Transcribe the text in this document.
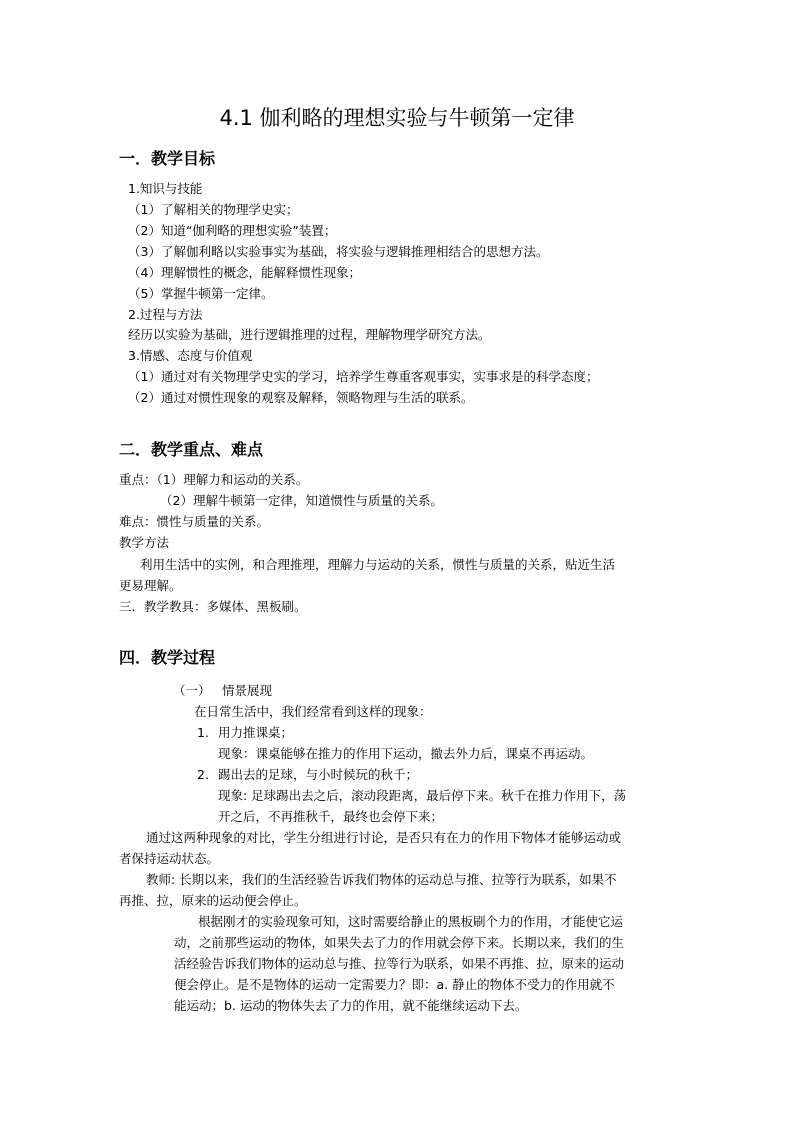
4.1 伽利略的理想实验与牛顿第一定律
一．教学目标
1.知识与技能
（1）了解相关的物理学史实；
（2）知道“伽利略的理想实验”装置；
（3）了解伽利略以实验事实为基础，将实验与逻辑推理相结合的思想方法。
（4）理解惯性的概念，能解释惯性现象；
（5）掌握牛顿第一定律。
2.过程与方法
经历以实验为基础，进行逻辑推理的过程，理解物理学研究方法。
3.情感、态度与价值观
（1）通过对有关物理学史实的学习，培养学生尊重客观事实，实事求是的科学态度；
（2）通过对惯性现象的观察及解释，领略物理与生活的联系。
二．教学重点、难点
重点：（1）理解力和运动的关系。
（2）理解牛顿第一定律，知道惯性与质量的关系。
难点：惯性与质量的关系。
教学方法
利用生活中的实例，和合理推理，理解力与运动的关系，惯性与质量的关系，贴近生活
更易理解。
三．教学教具：多媒体、黑板刷。
四．教学过程
（一） 情景展现
在日常生活中，我们经常看到这样的现象：
1. 用力推课桌；
现象：课桌能够在推力的作用下运动，撤去外力后，课桌不再运动。
2. 踢出去的足球，与小时候玩的秋千；
现象: 足球踢出去之后，滚动段距离，最后停下来。秋千在推力作用下，荡
开之后，不再推秋千，最终也会停下来；
通过这两种现象的对比，学生分组进行讨论，是否只有在力的作用下物体才能够运动或
者保持运动状态。
教师: 长期以来，我们的生活经验告诉我们物体的运动总与推、拉等行为联系，如果不
再推、拉，原来的运动便会停止。
根据刚才的实验现象可知，这时需要给静止的黑板刷个力的作用，才能使它运
动，之前那些运动的物体，如果失去了力的作用就会停下来。长期以来，我们的生
活经验告诉我们物体的运动总与推、拉等行为联系，如果不再推、拉，原来的运动
便会停止。是不是物体的运动一定需要力？即：a. 静止的物体不受力的作用就不
能运动；b. 运动的物体失去了力的作用，就不能继续运动下去。
